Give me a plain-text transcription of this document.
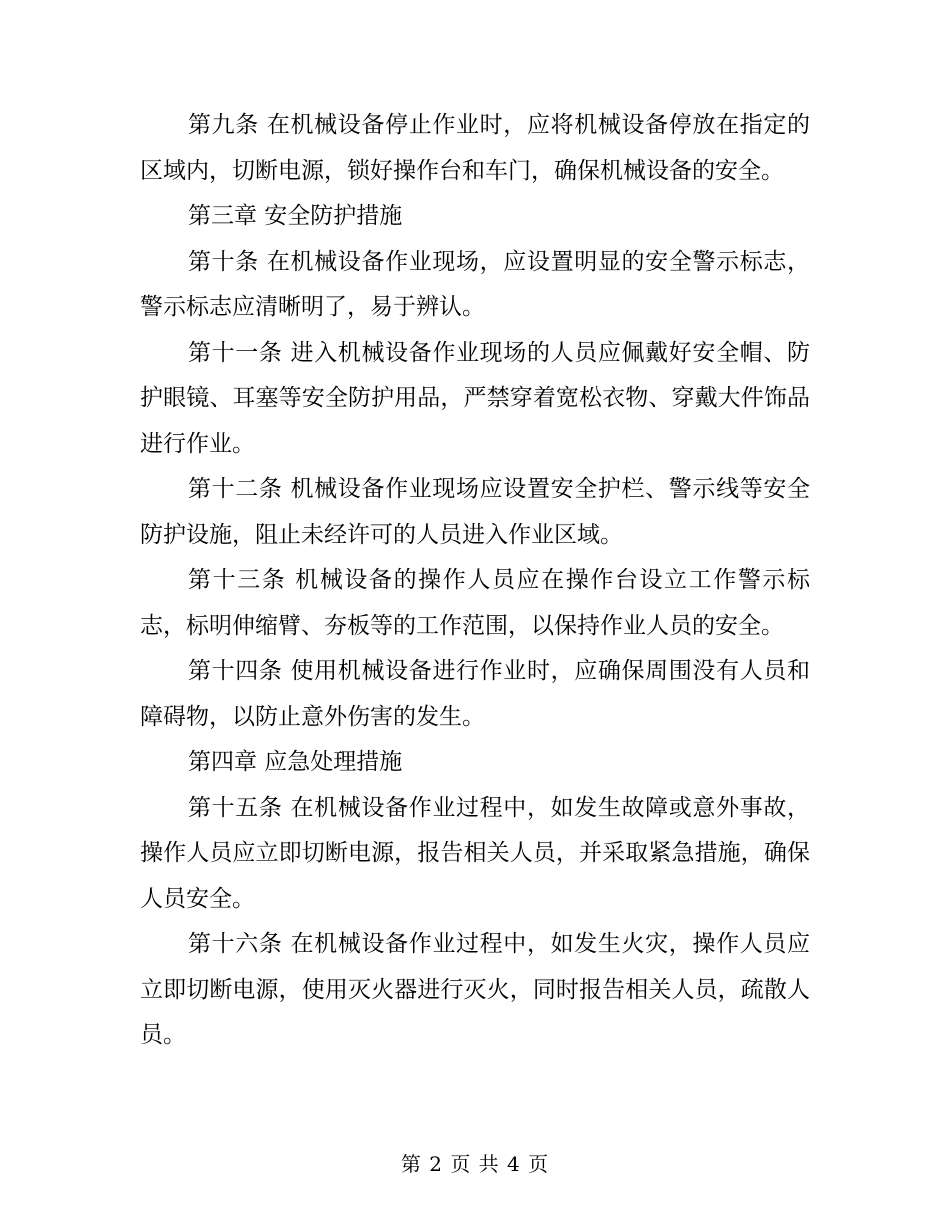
第九条 在机械设备停止作业时，应将机械设备停放在指定的区域内，切断电源，锁好操作台和车门，确保机械设备的安全。

第三章 安全防护措施

第十条 在机械设备作业现场，应设置明显的安全警示标志，警示标志应清晰明了，易于辨认。

第十一条 进入机械设备作业现场的人员应佩戴好安全帽、防护眼镜、耳塞等安全防护用品，严禁穿着宽松衣物、穿戴大件饰品进行作业。

第十二条 机械设备作业现场应设置安全护栏、警示线等安全防护设施，阻止未经许可的人员进入作业区域。

第十三条 机械设备的操作人员应在操作台设立工作警示标志，标明伸缩臂、夯板等的工作范围，以保持作业人员的安全。

第十四条 使用机械设备进行作业时，应确保周围没有人员和障碍物，以防止意外伤害的发生。

第四章 应急处理措施

第十五条 在机械设备作业过程中，如发生故障或意外事故，操作人员应立即切断电源，报告相关人员，并采取紧急措施，确保人员安全。

第十六条 在机械设备作业过程中，如发生火灾，操作人员应立即切断电源，使用灭火器进行灭火，同时报告相关人员，疏散人员。

第 2 页 共 4 页
